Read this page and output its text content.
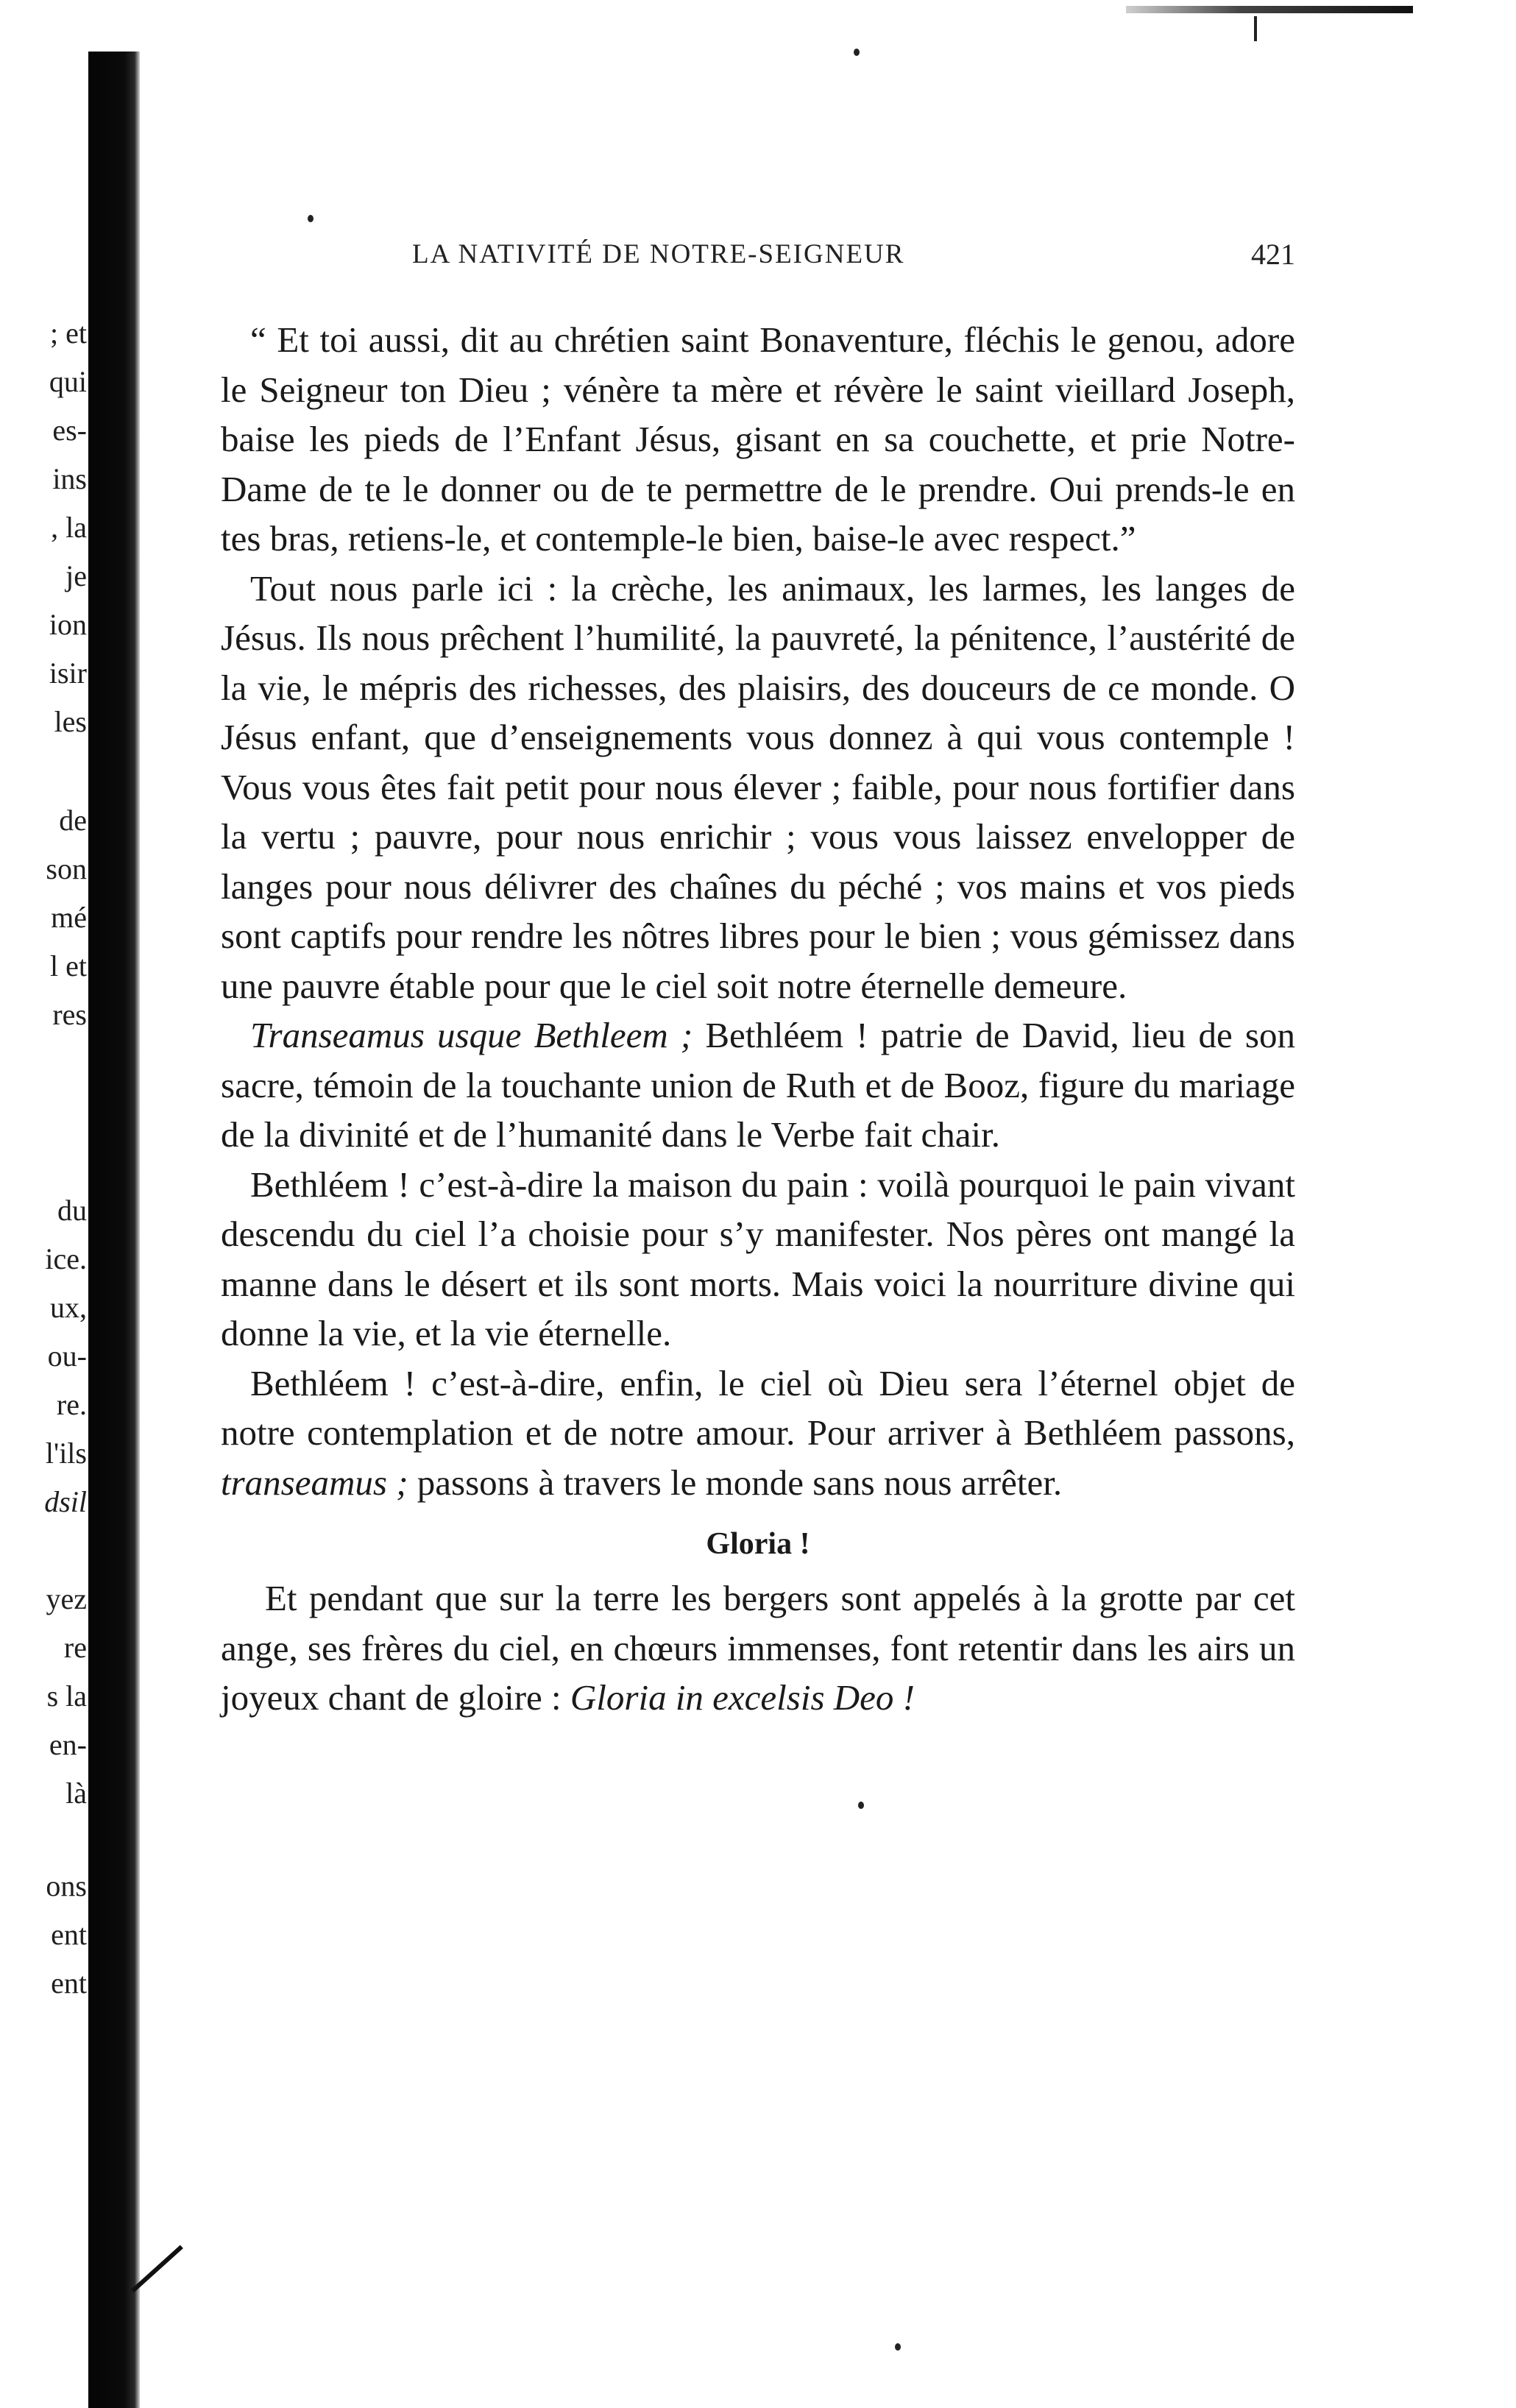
; et
qui
es-
ins
, la
je
ion
isir
les
de
son
mé
l et
res
du
ice.
ux,
ou-
re.
l'ils
dsil
yez
re
s la
en-
là
ons
ent
ent
LA NATIVITÉ DE NOTRE-SEIGNEUR	421

“ Et toi aussi, dit au chrétien saint Bonaventure, fléchis le genou, adore le Seigneur ton Dieu ; vénère ta mère et révère le saint vieillard Joseph, baise les pieds de l’Enfant Jésus, gisant en sa couchette, et prie Notre-Dame de te le donner ou de te permettre de le prendre. Oui prends-le en tes bras, retiens-le, et contemple-le bien, baise-le avec respect.”

Tout nous parle ici : la crèche, les animaux, les larmes, les langes de Jésus. Ils nous prêchent l’humilité, la pauvreté, la pénitence, l’austérité de la vie, le mépris des richesses, des plaisirs, des douceurs de ce monde. O Jésus enfant, que d’enseignements vous donnez à qui vous contemple ! Vous vous êtes fait petit pour nous élever ; faible, pour nous fortifier dans la vertu ; pauvre, pour nous enrichir ; vous vous laissez envelopper de langes pour nous délivrer des chaînes du péché ; vos mains et vos pieds sont captifs pour rendre les nôtres libres pour le bien ; vous gémissez dans une pauvre étable pour que le ciel soit notre éternelle demeure.

Transeamus usque Bethleem ; Bethléem ! patrie de David, lieu de son sacre, témoin de la touchante union de Ruth et de Booz, figure du mariage de la divinité et de l’humanité dans le Verbe fait chair.

Bethléem ! c’est-à-dire la maison du pain : voilà pourquoi le pain vivant descendu du ciel l’a choisie pour s’y manifester. Nos pères ont mangé la manne dans le désert et ils sont morts. Mais voici la nourriture divine qui donne la vie, et la vie éternelle.

Bethléem ! c’est-à-dire, enfin, le ciel où Dieu sera l’éternel objet de notre contemplation et de notre amour. Pour arriver à Bethléem passons, transeamus ; passons à travers le monde sans nous arrêter.

Gloria !

Et pendant que sur la terre les bergers sont appelés à la grotte par cet ange, ses frères du ciel, en chœurs immenses, font retentir dans les airs un joyeux chant de gloire : Gloria in excelsis Deo !
